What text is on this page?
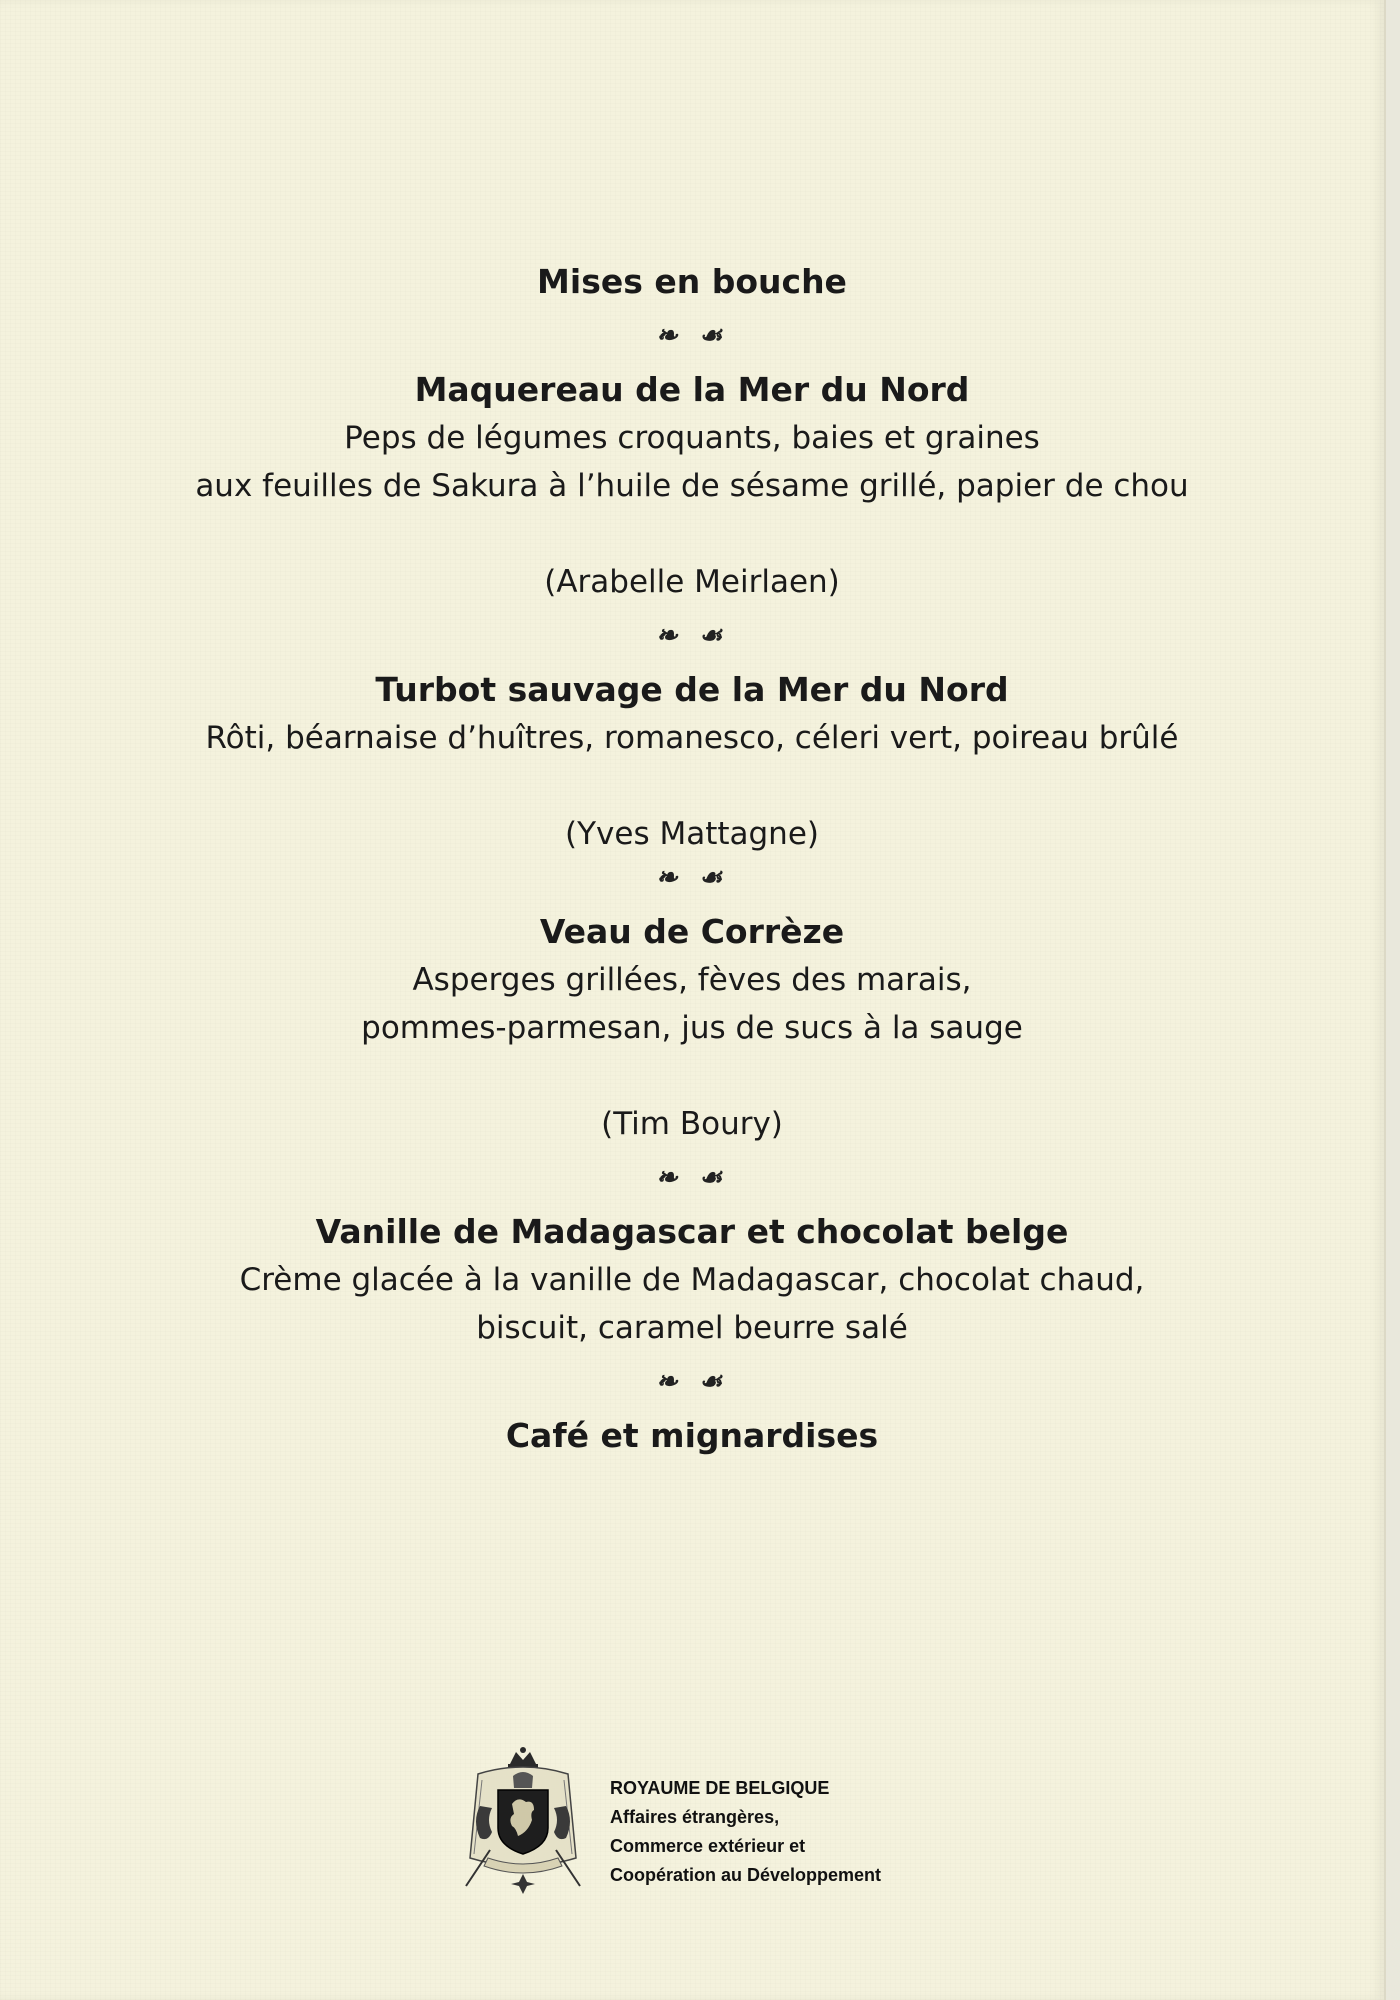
Mises en bouche

❧ ☙

Maquereau de la Mer du Nord

Peps de légumes croquants, baies et graines

aux feuilles de Sakura à l’huile de sésame grillé, papier de chou

(Arabelle Meirlaen)

❧ ☙

Turbot sauvage de la Mer du Nord

Rôti, béarnaise d’huîtres, romanesco, céleri vert, poireau brûlé

(Yves Mattagne)

❧ ☙

Veau de Corrèze

Asperges grillées, fèves des marais,

pommes-parmesan, jus de sucs à la sauge

(Tim Boury)

❧ ☙

Vanille de Madagascar et chocolat belge

Crème glacée à la vanille de Madagascar, chocolat chaud,

biscuit, caramel beurre salé

❧ ☙

Café et mignardises

ROYAUME DE BELGIQUE
Affaires étrangères,
Commerce extérieur et
Coopération au Développement
